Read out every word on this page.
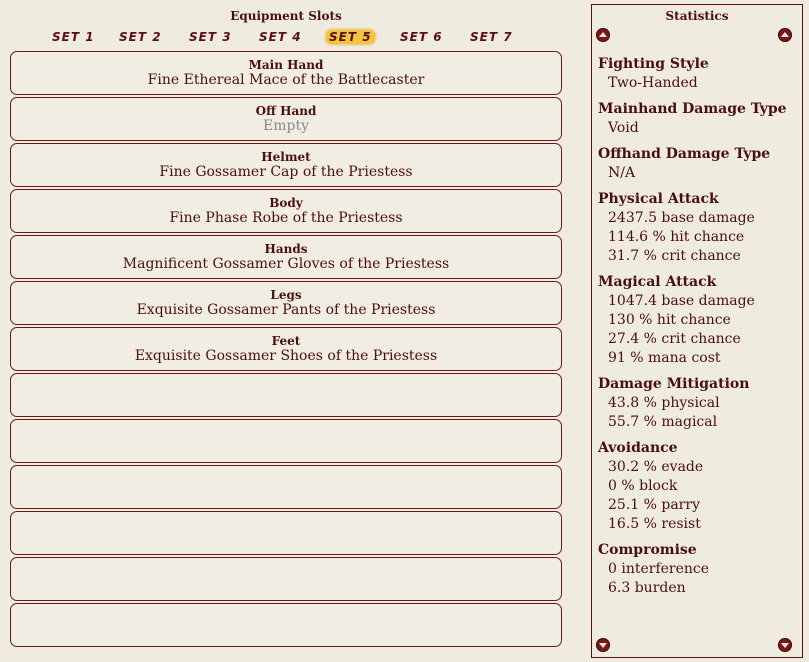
Equipment Slots
SET 1 SET 2 SET 3 SET 4 SET 5 SET 6 SET 7
Main Hand
Fine Ethereal Mace of the Battlecaster
Off Hand
Empty
Helmet
Fine Gossamer Cap of the Priestess
Body
Fine Phase Robe of the Priestess
Hands
Magnificent Gossamer Gloves of the Priestess
Legs
Exquisite Gossamer Pants of the Priestess
Feet
Exquisite Gossamer Shoes of the Priestess
Statistics
Fighting Style
Two-Handed
Mainhand Damage Type
Void
Offhand Damage Type
N/A
Physical Attack
2437.5 base damage
114.6 % hit chance
31.7 % crit chance
Magical Attack
1047.4 base damage
130 % hit chance
27.4 % crit chance
91 % mana cost
Damage Mitigation
43.8 % physical
55.7 % magical
Avoidance
30.2 % evade
0 % block
25.1 % parry
16.5 % resist
Compromise
0 interference
6.3 burden
